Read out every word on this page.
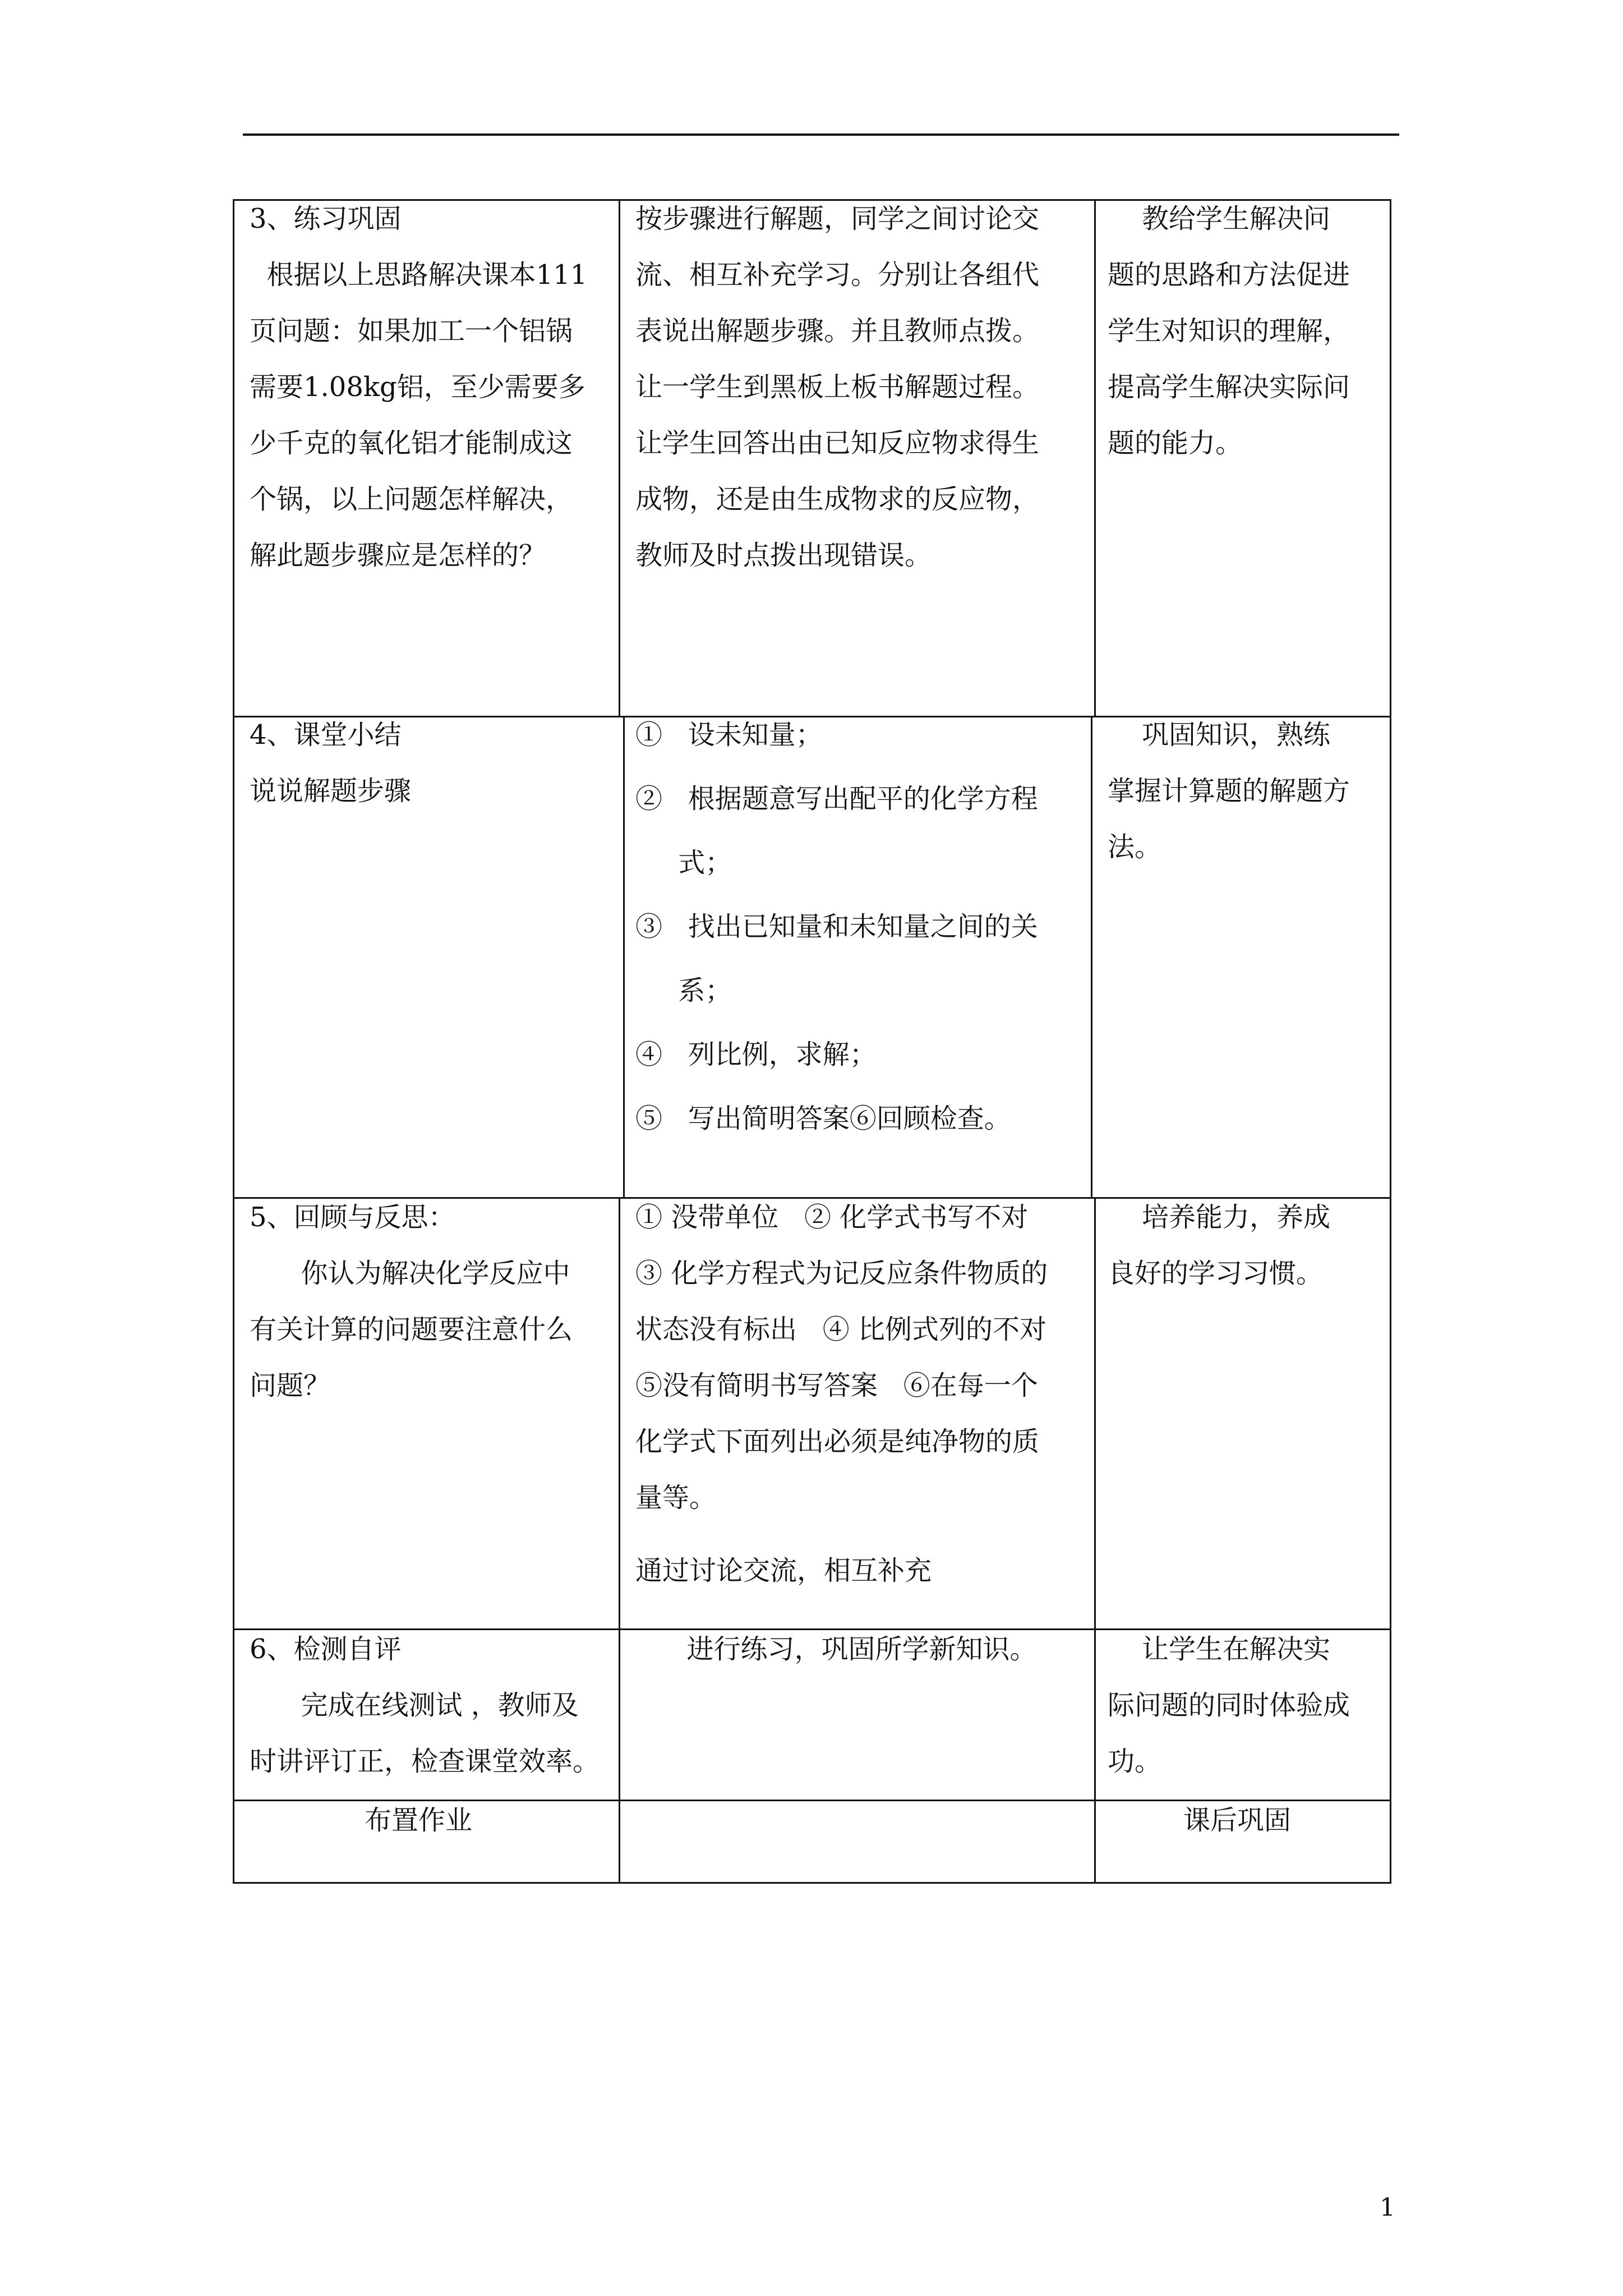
3、练习巩固
根据以上思路解决课本111
页问题：如果加工一个铝锅
需要1.08kg铝，至少需要多
少千克的氧化铝才能制成这
个锅，以上问题怎样解决，
解此题步骤应是怎样的？
按步骤进行解题，同学之间讨论交
流、相互补充学习。分别让各组代
表说出解题步骤。并且教师点拨。
让一学生到黑板上板书解题过程。
让学生回答出由已知反应物求得生
成物，还是由生成物求的反应物，
教师及时点拨出现错误。
教给学生解决问
题的思路和方法促进
学生对知识的理解，
提高学生解决实际问
题的能力。
4、课堂小结
说说解题步骤
①   设未知量；
②   根据题意写出配平的化学方程
式；
③   找出已知量和未知量之间的关
系；
④   列比例，求解；
⑤   写出简明答案⑥回顾检查。
巩固知识，熟练
掌握计算题的解题方
法。
5、回顾与反思：
你认为解决化学反应中
有关计算的问题要注意什么
问题？
① 没带单位   ② 化学式书写不对
③ 化学方程式为记反应条件物质的
状态没有标出   ④ 比例式列的不对
⑤没有简明书写答案   ⑥在每一个
化学式下面列出必须是纯净物的质
量等。
通过讨论交流，相互补充
培养能力，养成
良好的学习习惯。
6、检测自评
完成在线测试 ，教师及
时讲评订正，检查课堂效率。
进行练习，巩固所学新知识。	让学生在解决实
际问题的同时体验成
功。
布置作业	课后巩固
1
